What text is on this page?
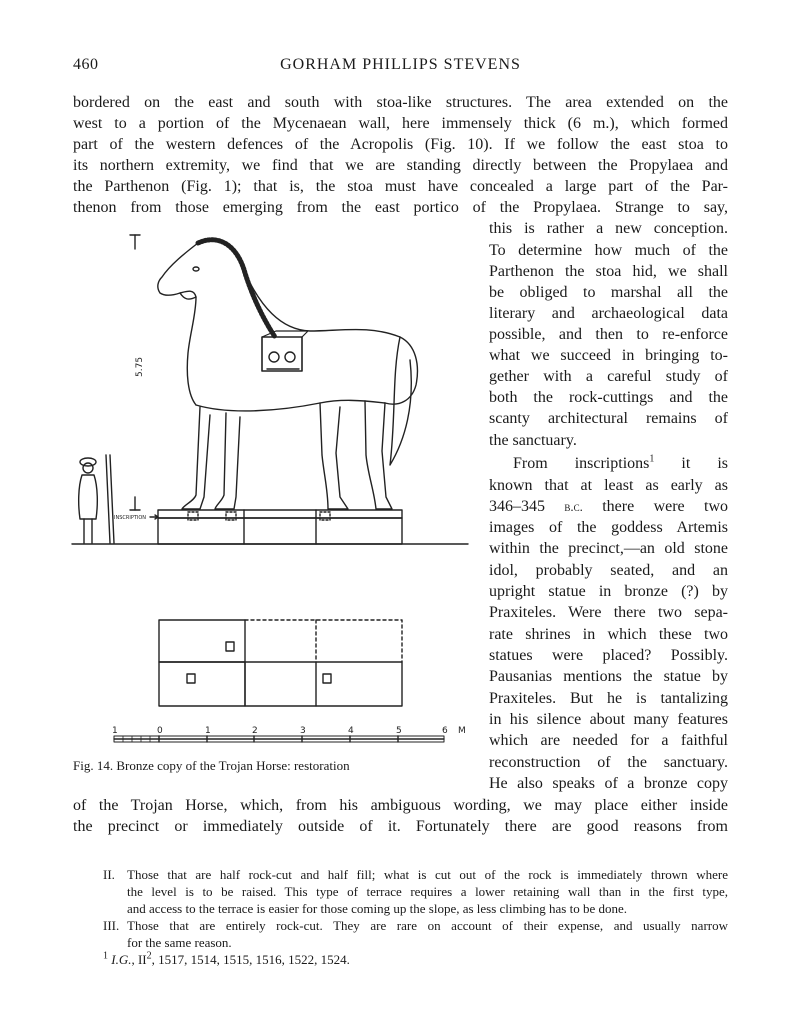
460	GORHAM PHILLIPS STEVENS
bordered on the east and south with stoa-like structures. The area extended on the
west to a portion of the Mycenaean wall, here immensely thick (6 m.), which formed
part of the western defences of the Acropolis (Fig. 10). If we follow the east stoa to
its northern extremity, we find that we are standing directly between the Propylaea and
the Parthenon (Fig. 1); that is, the stoa must have concealed a large part of the Par-
thenon from those emerging from the east portico of the Propylaea. Strange to say,
this is rather a new conception.
To determine how much of the
Parthenon the stoa hid, we shall
be obliged to marshal all the
literary and archaeological data
possible, and then to re-enforce
what we succeed in bringing to-
gether with a careful study of
both the rock-cuttings and the
scanty architectural remains of
the sanctuary.
From inscriptions$^1$ it is
known that at least as early as
346–345 b.c. there were two
images of the goddess Artemis
within the precinct,—an old stone
idol, probably seated, and an
upright statue in bronze (?) by
Praxiteles. Were there two sepa-
rate shrines in which these two
statues were placed? Possibly.
Pausanias mentions the statue by
Praxiteles. But he is tantalizing
in his silence about many features
which are needed for a faithful
reconstruction of the sanctuary.
He also speaks of a bronze copy
of the Trojan Horse, which, from his ambiguous wording, we may place either inside
the precinct or immediately outside of it. Fortunately there are good reasons from
5.75
INSCRIPTION
1	0	1	2	3	4	5	6 M
Fig. 14. Bronze copy of the Trojan Horse: restoration
II. Those that are half rock-cut and half fill; what is cut out of the rock is immediately thrown where
the level is to be raised. This type of terrace requires a lower retaining wall than in the first type,
and access to the terrace is easier for those coming up the slope, as less climbing has to be done.
III. Those that are entirely rock-cut. They are rare on account of their expense, and usually narrow
for the same reason.
$^1$ I.G., $II^2$, 1517, 1514, 1515, 1516, 1522, 1524.
